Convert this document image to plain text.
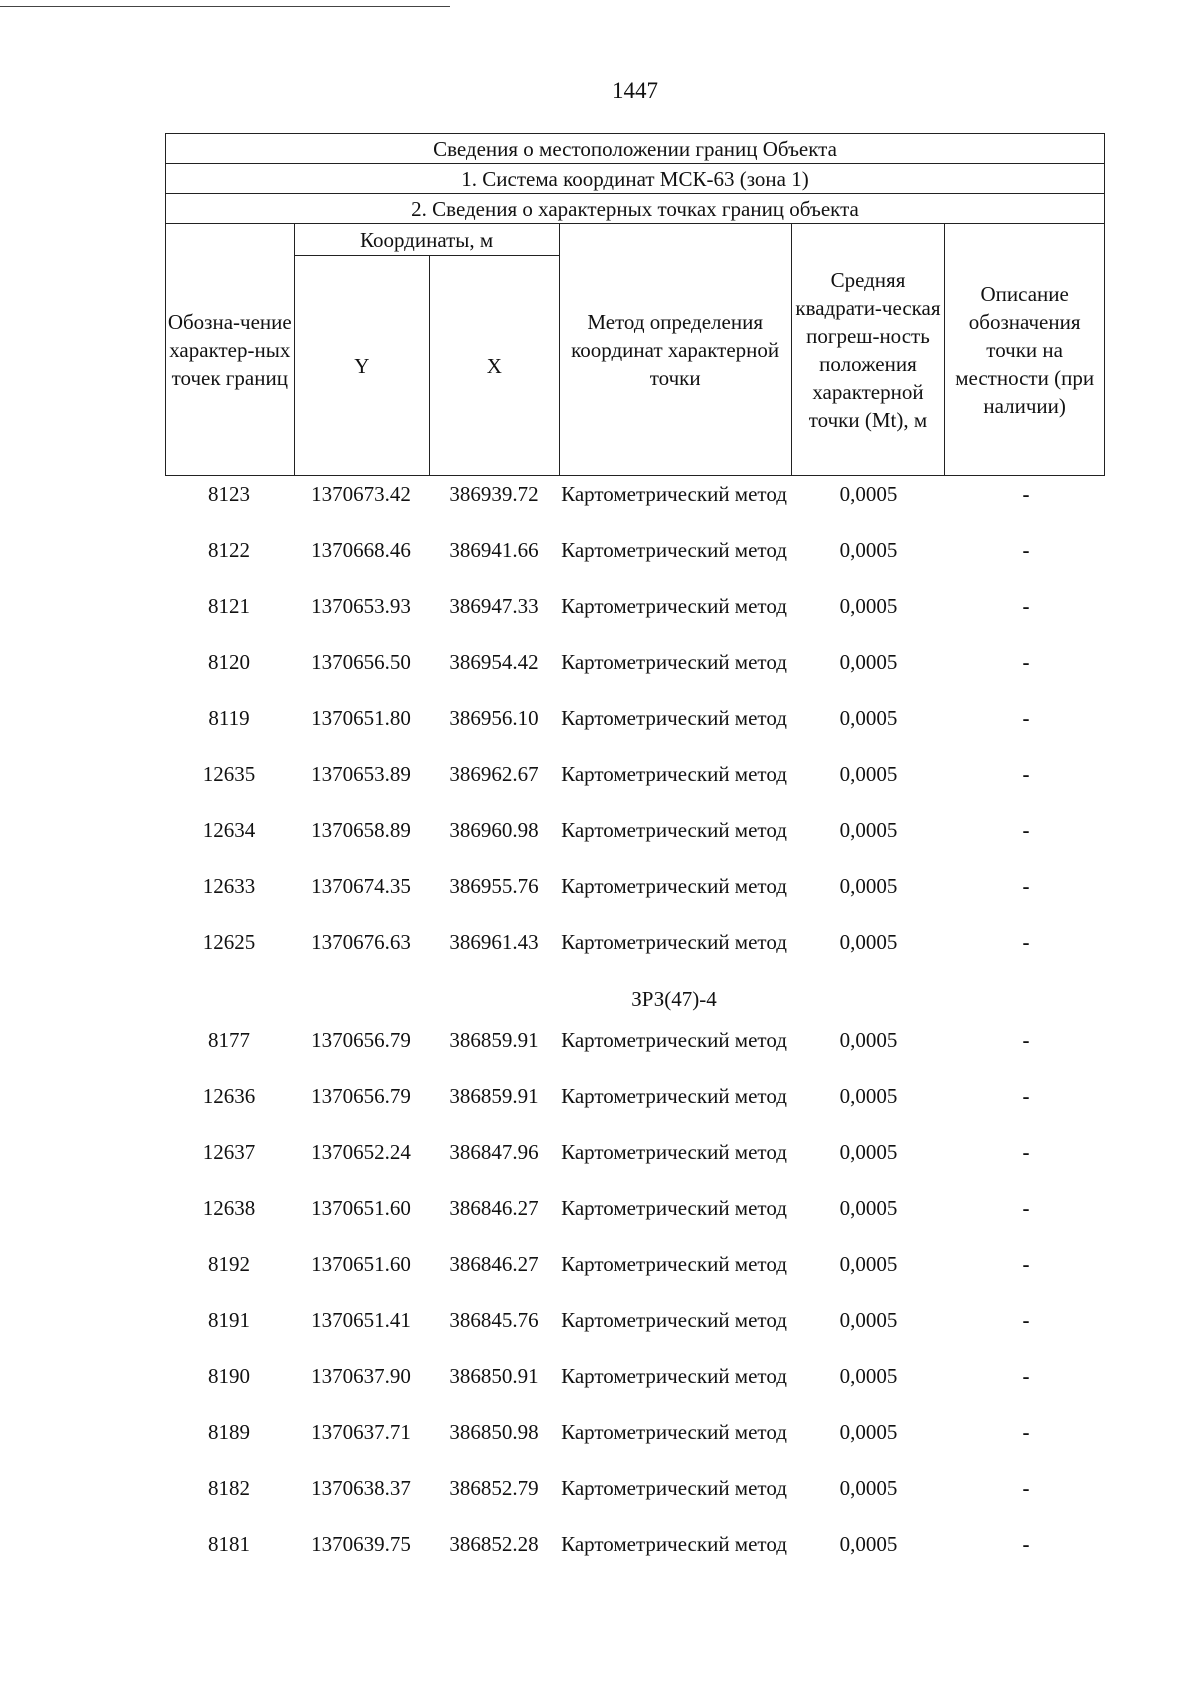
1447
Сведения о местоположении границ Объекта					
1. Система координат МСК-63 (зона 1)					
2. Сведения о характерных точках границ объекта					
Обозна-чение характер-ных точек границ	Координаты, м		Метод определения координат характерной точки	Средняя квадрати-ческая погреш-ность положения характерной точки (Mt), м	Описание обозначения точки на местности (при наличии)
	Y	X			
8123	1370673.42	386939.72	Картометрический метод	0,0005	-
8122	1370668.46	386941.66	Картометрический метод	0,0005	-
8121	1370653.93	386947.33	Картометрический метод	0,0005	-
8120	1370656.50	386954.42	Картометрический метод	0,0005	-
8119	1370651.80	386956.10	Картометрический метод	0,0005	-
12635	1370653.89	386962.67	Картометрический метод	0,0005	-
12634	1370658.89	386960.98	Картометрический метод	0,0005	-
12633	1370674.35	386955.76	Картометрический метод	0,0005	-
12625	1370676.63	386961.43	Картометрический метод	0,0005	-
ЗРЗ(47)-4
8177	1370656.79	386859.91	Картометрический метод	0,0005	-
12636	1370656.79	386859.91	Картометрический метод	0,0005	-
12637	1370652.24	386847.96	Картометрический метод	0,0005	-
12638	1370651.60	386846.27	Картометрический метод	0,0005	-
8192	1370651.60	386846.27	Картометрический метод	0,0005	-
8191	1370651.41	386845.76	Картометрический метод	0,0005	-
8190	1370637.90	386850.91	Картометрический метод	0,0005	-
8189	1370637.71	386850.98	Картометрический метод	0,0005	-
8182	1370638.37	386852.79	Картометрический метод	0,0005	-
8181	1370639.75	386852.28	Картометрический метод	0,0005	-
